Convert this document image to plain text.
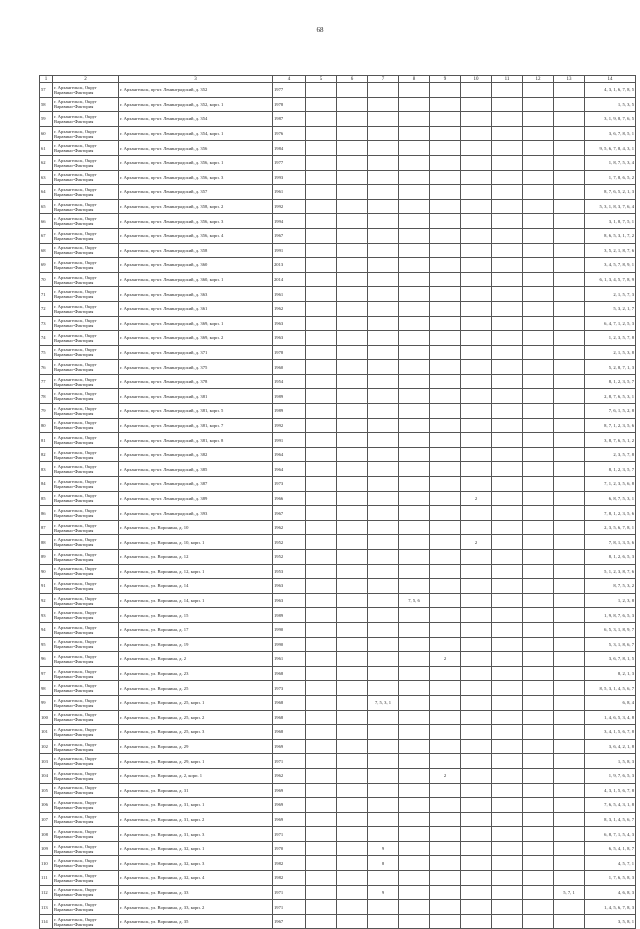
68
1	2	3	4	5	6	7	8	9	10	11	12	13	14
57	г. Архангельск, Округ Варавино-Фактория	г. Архангельск, пр-кт. Ленинградский, д. 352	1977										4, 3, 1, 6, 7, 8, 5
58	г. Архангельск, Округ Варавино-Фактория	г. Архангельск, пр-кт. Ленинградский, д. 352, корп. 1	1978										1, 5, 3, 5
59	г. Архангельск, Округ Варавино-Фактория	г. Архангельск, пр-кт. Ленинградский, д. 354	1987										3, 1, 9, 8, 7, 6, 5
60	г. Архангельск, Округ Варавино-Фактория	г. Архангельск, пр-кт. Ленинградский, д. 354, корп. 1	1976										3, 6, 7, 8, 5, 1
61	г. Архангельск, Округ Варавино-Фактория	г. Архангельск, пр-кт. Ленинградский, д. 356	1984										9, 5, 6, 7, 8, 4, 3, 1
62	г. Архангельск, Округ Варавино-Фактория	г. Архангельск, пр-кт. Ленинградский, д. 356, корп. 1	1977										1, 8, 7, 5, 3, 4
63	г. Архангельск, Округ Варавино-Фактория	г. Архангельск, пр-кт. Ленинградский, д. 356, корп. 3	1993										1, 7, 8, 6, 5, 2
64	г. Архангельск, Округ Варавино-Фактория	г. Архангельск, пр-кт. Ленинградский, д. 357	1961										8, 7, 6, 5, 2, 1, 3
65	г. Архангельск, Округ Варавино-Фактория	г. Архангельск, пр-кт. Ленинградский, д. 358, корп. 2	1992										5, 3, 1, 8, 3, 7, 6, 4
66	г. Архангельск, Округ Варавино-Фактория	г. Архангельск, пр-кт. Ленинградский, д. 356, корп. 3	1994										3, 1, 8, 7, 5, 1
67	г. Архангельск, Округ Варавино-Фактория	г. Архангельск, пр-кт. Ленинградский, д. 356, корп. 4	1967										8, 6, 5, 3, 1, 7, 2
68	г. Архангельск, Округ Варавино-Фактория	г. Архангельск, пр-кт. Ленинградский, д. 358	1991										3, 5, 2, 1, 8, 7, 6
69	г. Архангельск, Округ Варавино-Фактория	г. Архангельск, пр-кт. Ленинградский, д. 360	2013										3, 4, 5, 7, 8, 9, 1
70	г. Архангельск, Округ Варавино-Фактория	г. Архангельск, пр-кт. Ленинградский, д. 360, корп. 1	2014										6, 1, 3, 4, 5, 7, 8, 9
71	г. Архангельск, Округ Варавино-Фактория	г. Архангельск, пр-кт. Ленинградский, д. 363	1961										2, 1, 5, 7, 3
72	г. Архангельск, Округ Варавино-Фактория	г. Архангельск, пр-кт. Ленинградский, д. 361	1962										5, 3, 2, 1, 7
73	г. Архангельск, Округ Варавино-Фактория	г. Архангельск, пр-кт. Ленинградский, д. 369, корп. 1	1963										6, 4, 7, 1, 2, 5, 3
74	г. Архангельск, Округ Варавино-Фактория	г. Архангельск, пр-кт. Ленинградский, д. 369, корп. 2	1963										1, 2, 3, 5, 7, 8
75	г. Архангельск, Округ Варавино-Фактория	г. Архангельск, пр-кт. Ленинградский, д. 371	1978										2, 1, 5, 3, 8
76	г. Архангельск, Округ Варавино-Фактория	г. Архангельск, пр-кт. Ленинградский, д. 375	1960										5, 2, 8, 7, 1, 3
77	г. Архангельск, Округ Варавино-Фактория	г. Архангельск, пр-кт. Ленинградский, д. 378	1954										8, 1, 2, 3, 5, 7
78	г. Архангельск, Округ Варавино-Фактория	г. Архангельск, пр-кт. Ленинградский, д. 381	1989										2, 8, 7, 6, 5, 3, 1
79	г. Архангельск, Округ Варавино-Фактория	г. Архангельск, пр-кт. Ленинградский, д. 381, корп. 5	1989										7, 6, 1, 5, 2, 8
80	г. Архангельск, Округ Варавино-Фактория	г. Архангельск, пр-кт. Ленинградский, д. 381, корп. 7	1992										8, 7, 1, 2, 3, 5, 6
81	г. Архангельск, Округ Варавино-Фактория	г. Архангельск, пр-кт. Ленинградский, д. 381, корп. 8	1991										3, 8, 7, 6, 5, 1, 2
82	г. Архангельск, Округ Варавино-Фактория	г. Архангельск, пр-кт. Ленинградский, д. 382	1964										2, 3, 5, 7, 8
83	г. Архангельск, Округ Варавино-Фактория	г. Архангельск, пр-кт. Ленинградский, д. 385	1964										8, 1, 2, 3, 5, 7
84	г. Архангельск, Округ Варавино-Фактория	г. Архангельск, пр-кт. Ленинградский, д. 387	1973										7, 1, 2, 3, 5, 6, 8
85	г. Архангельск, Округ Варавино-Фактория	г. Архангельск, пр-кт. Ленинградский, д. 389	1966						2				6, 8, 7, 5, 3, 1
86	г. Архангельск, Округ Варавино-Фактория	г. Архангельск, пр-кт. Ленинградский, д. 393	1967										7, 8, 1, 2, 3, 5, 6
87	г. Архангельск, Округ Варавино-Фактория	г. Архангельск, ул. Воронина, д. 10	1962										2, 3, 5, 6, 7, 8, 1
88	г. Архангельск, Округ Варавино-Фактория	г. Архангельск, ул. Воронина, д. 10, корп. 1	1952						2				7, 8, 1, 3, 5, 6
89	г. Архангельск, Округ Варавино-Фактория	г. Архангельск, ул. Воронина, д. 12	1952										8, 1, 2, 6, 5, 3
90	г. Архангельск, Округ Варавино-Фактория	г. Архангельск, ул. Воронина, д. 12, корп. 1	1953										5, 1, 2, 3, 8, 7, 6
91	г. Архангельск, Округ Варавино-Фактория	г. Архангельск, ул. Воронина, д. 14	1963										8, 7, 5, 3, 2
92	г. Архангельск, Округ Варавино-Фактория	г. Архангельск, ул. Воронина, д. 14, корп. 1	1963				7, 5, 6						1, 2, 3, 8
93	г. Архангельск, Округ Варавино-Фактория	г. Архангельск, ул. Воронина, д. 15	1989										1, 9, 8, 7, 6, 5, 3
94	г. Архангельск, Округ Варавино-Фактория	г. Архангельск, ул. Воронина, д. 17	1990										6, 5, 3, 1, 8, 9, 7
95	г. Архангельск, Округ Варавино-Фактория	г. Архангельск, ул. Воронина, д. 19	1990										5, 3, 1, 8, 6, 7
96	г. Архангельск, Округ Варавино-Фактория	г. Архангельск, ул. Воронина, д. 2	1961					2					3, 6, 7, 8, 1, 5
97	г. Архангельск, Округ Варавино-Фактория	г. Архангельск, ул. Воронина, д. 23	1968										8, 2, 1, 3
98	г. Архангельск, Округ Варавино-Фактория	г. Архангельск, ул. Воронина, д. 25	1973										8, 5, 3, 1, 4, 5, 6, 7
99	г. Архангельск, Округ Варавино-Фактория	г. Архангельск, ул. Воронина, д. 25, корп. 1	1968			7, 5, 3, 1							6, 8, 4
100	г. Архангельск, Округ Варавино-Фактория	г. Архангельск, ул. Воронина, д. 25, корп. 2	1968										1, 4, 6, 5, 3, 4, 8
101	г. Архангельск, Округ Варавино-Фактория	г. Архангельск, ул. Воронина, д. 25, корп. 3	1968										3, 4, 1, 5, 6, 7, 8
102	г. Архангельск, Округ Варавино-Фактория	г. Архангельск, ул. Воронина, д. 29	1969										3, 6, 4, 2, 1, 8
103	г. Архангельск, Округ Варавино-Фактория	г. Архангельск, ул. Воронина, д. 29, корп. 1	1971										1, 5, 8, 3
104	г. Архангельск, Округ Варавино-Фактория	г. Архангельск, ул. Воронина, д. 2, корп. 1	1962					2					1, 9, 7, 6, 5, 3
105	г. Архангельск, Округ Варавино-Фактория	г. Архангельск, ул. Воронина, д. 31	1969										4, 3, 1, 5, 6, 7, 8
106	г. Архангельск, Округ Варавино-Фактория	г. Архангельск, ул. Воронина, д. 31, корп. 1	1969										7, 6, 5, 4, 3, 1, 8
107	г. Архангельск, Округ Варавино-Фактория	г. Архангельск, ул. Воронина, д. 31, корп. 2	1969										8, 3, 1, 4, 5, 6, 7
108	г. Архангельск, Округ Варавино-Фактория	г. Архангельск, ул. Воронина, д. 31, корп. 3	1971										6, 8, 7, 1, 5, 4, 3
109	г. Архангельск, Округ Варавино-Фактория	г. Архангельск, ул. Воронина, д. 32, корп. 1	1970			9							6, 5, 4, 1, 8, 7
110	г. Архангельск, Округ Варавино-Фактория	г. Архангельск, ул. Воронина, д. 32, корп. 3	1982			8							4, 5, 7, 1
111	г. Архангельск, Округ Варавино-Фактория	г. Архангельск, ул. Воронина, д. 32, корп. 4	1982										1, 7, 6, 5, 8, 3
112	г. Архангельск, Округ Варавино-Фактория	г. Архангельск, ул. Воронина, д. 33	1971			9						5, 7, 1	4, 6, 8, 3
113	г. Архангельск, Округ Варавино-Фактория	г. Архангельск, ул. Воронина, д. 33, корп. 2	1971										1, 4, 5, 6, 7, 8, 3
114	г. Архангельск, Округ Варавино-Фактория	г. Архангельск, ул. Воронина, д. 35	1967										3, 5, 8, 1
